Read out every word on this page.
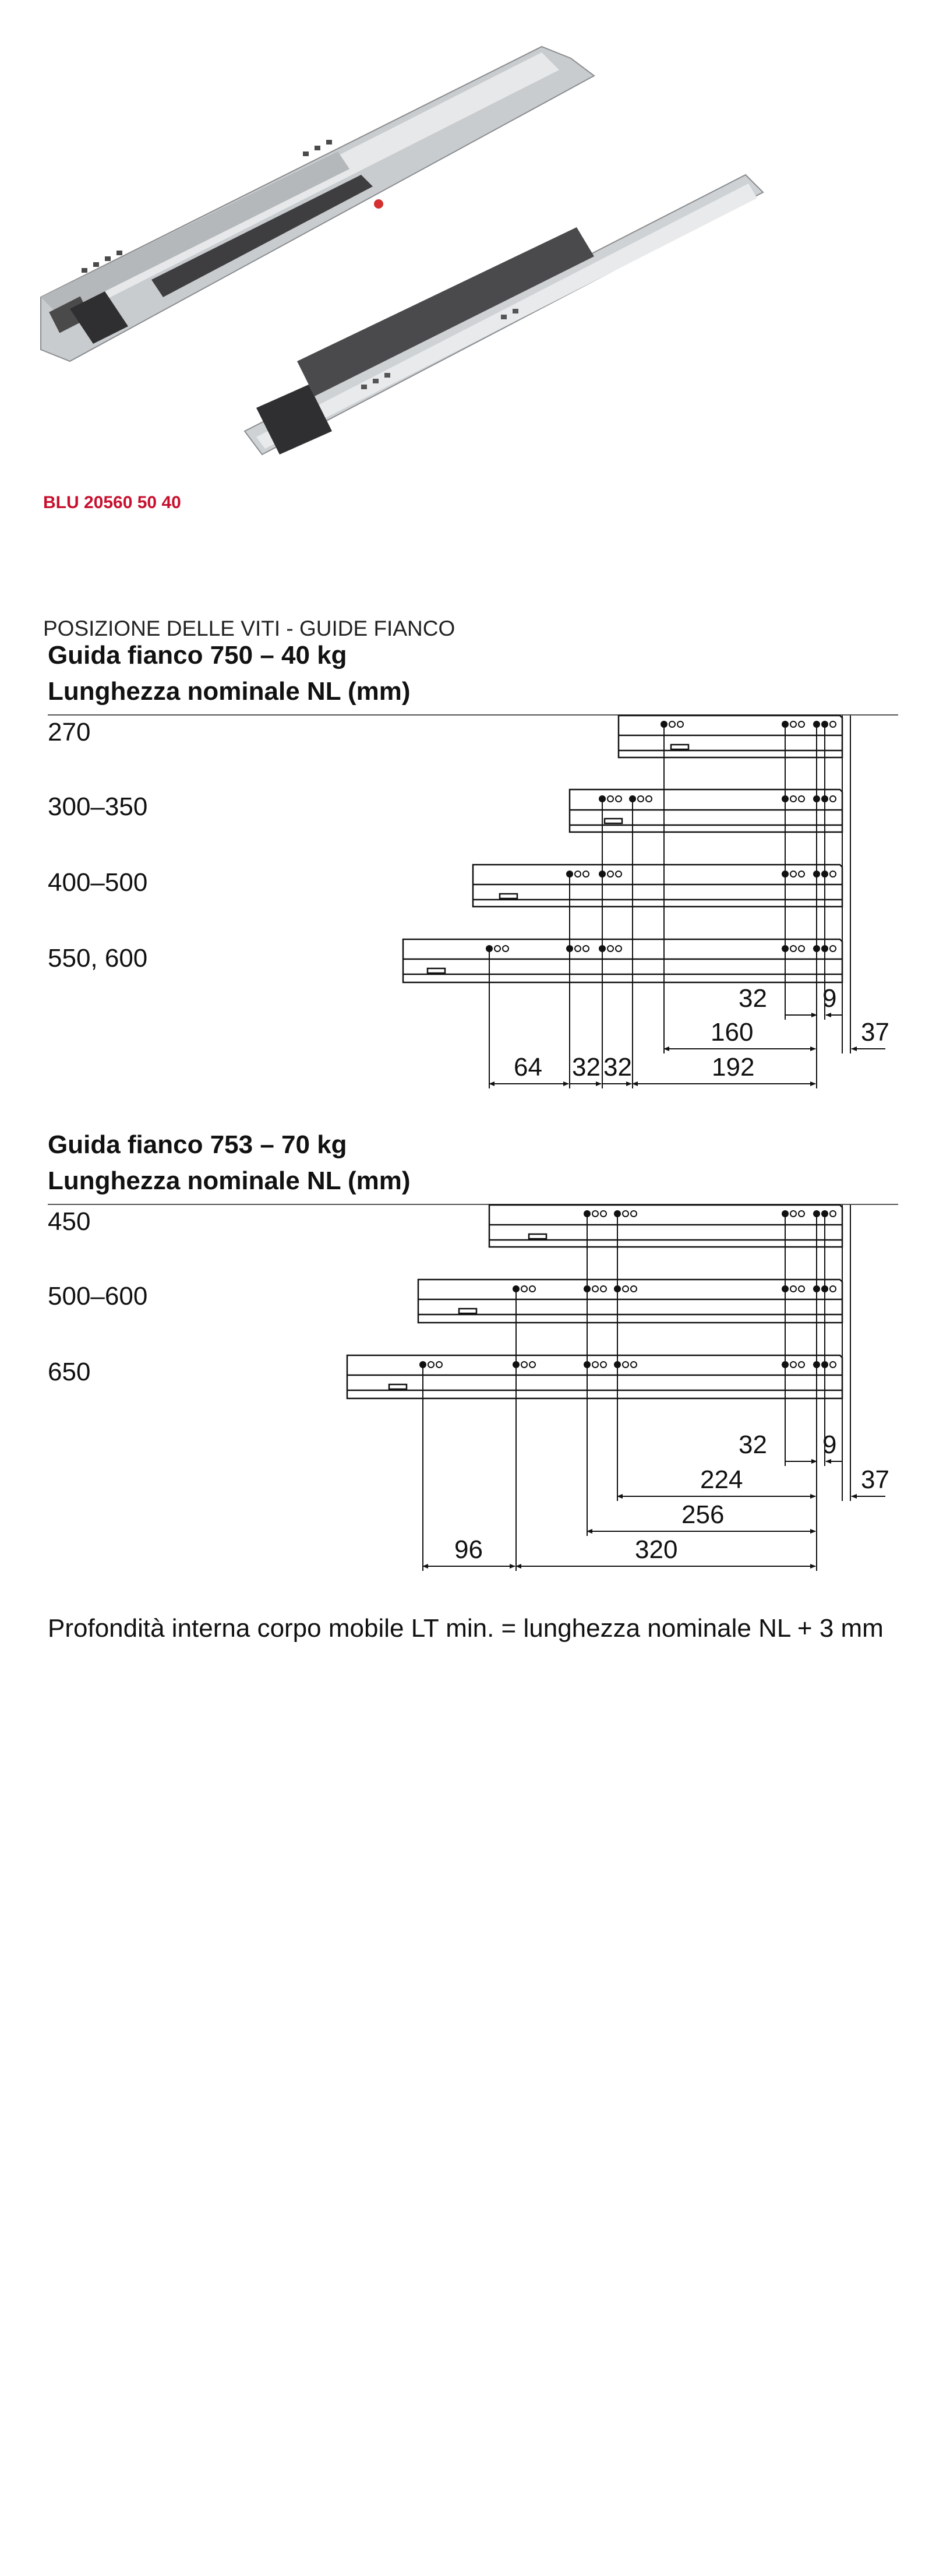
BLU 20560 50 40
POSIZIONE DELLE VITI - GUIDE FIANCO
Guida fianco 750 – 40 kg
Lunghezza nominale NL (mm)
270
300–350
400–500
550, 600
Guida fianco 753 – 70 kg
Lunghezza nominale NL (mm)
450
500–600
650
32 9
160	37
64 32 32	192
32 9
224	37
256
96	320
Profondità interna corpo mobile LT min. = lunghezza nominale NL + 3 mm
